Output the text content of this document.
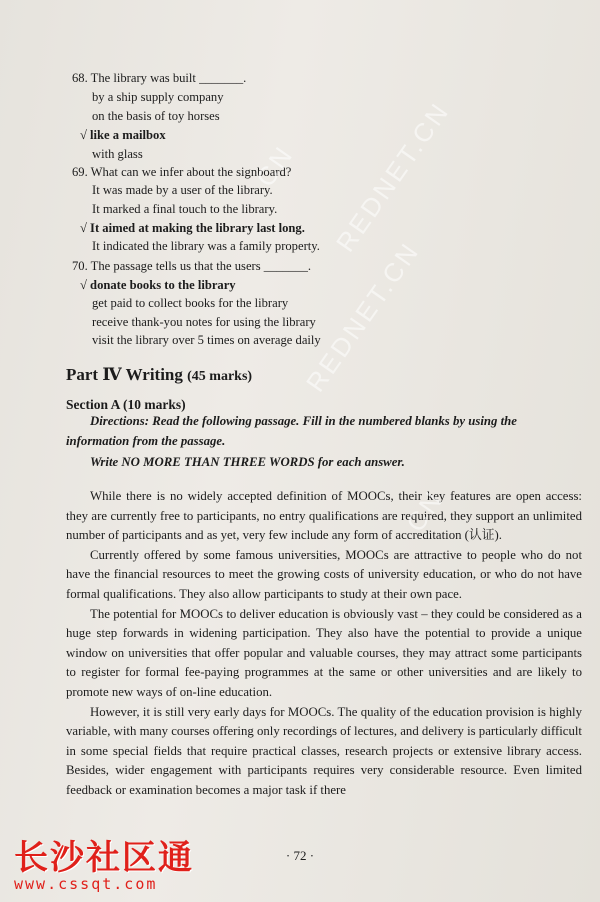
68. The library was built _______.
by a ship supply company
on the basis of toy horses
√ like a mailbox
with glass
69. What can we infer about the signboard?
It was made by a user of the library.
It marked a final touch to the library.
√ It aimed at making the library last long.
It indicated the library was a family property.
70. The passage tells us that the users _______.
√ donate books to the library
get paid to collect books for the library
receive thank-you notes for using the library
visit the library over 5 times on average daily
Part Ⅳ Writing (45 marks)
Section A (10 marks)
Directions: Read the following passage. Fill in the numbered blanks by using the information from the passage.
Write NO MORE THAN THREE WORDS for each answer.

While there is no widely accepted definition of MOOCs, their key features are open access: they are currently free to participants, no entry qualifications are required, they support an unlimited number of participants and as yet, very few include any form of accreditation (认证).

Currently offered by some famous universities, MOOCs are attractive to people who do not have the financial resources to meet the growing costs of university education, or who do not have formal qualifications. They also allow participants to study at their own pace.

The potential for MOOCs to deliver education is obviously vast – they could be considered as a huge step forwards in widening participation. They also have the potential to provide a unique window on universities that offer popular and valuable courses, they may attract some participants to register for formal fee-paying programmes at the same or other universities and are likely to promote new ways of on-line education.

However, it is still very early days for MOOCs. The quality of the education provision is highly variable, with many courses offering only recordings of lectures, and delivery is particularly difficult in some special fields that require practical classes, research projects or extensive library access. Besides, wider engagement with participants requires very considerable resource. Even limited feedback or examination becomes a major task if there

· 72 ·
CN REDNET.CN
REDNET.CN
CN
长沙社区通
www.cssqt.com
